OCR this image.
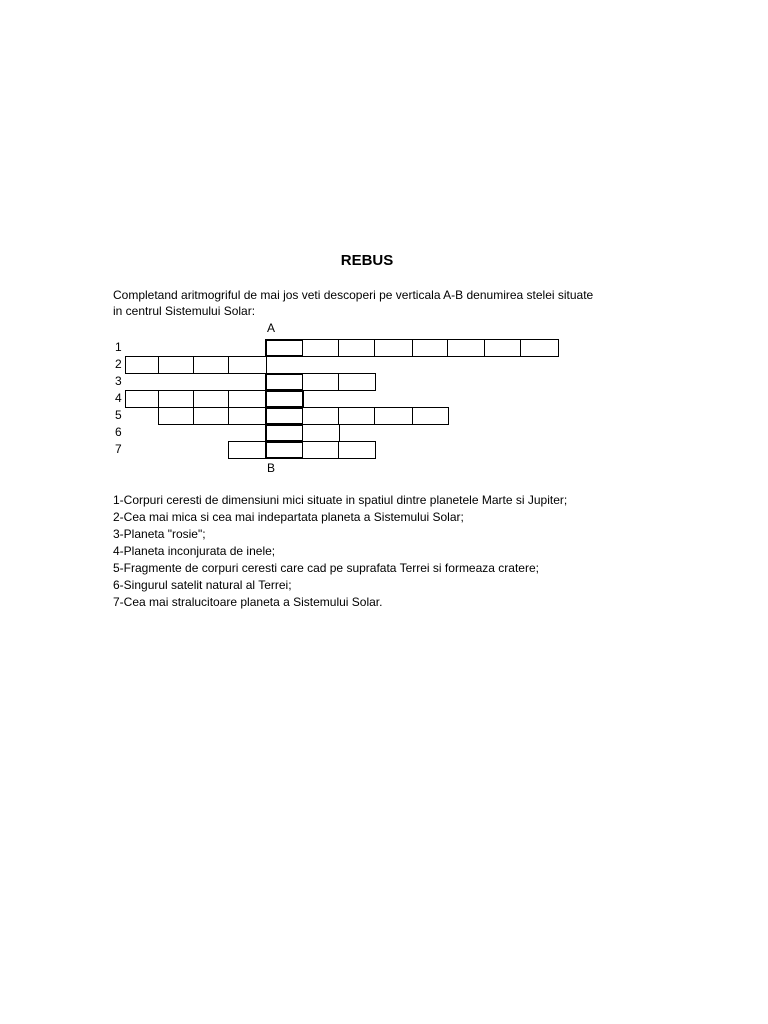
REBUS
Completand aritmogriful de mai jos veti descoperi pe verticala A-B denumirea stelei situate
in centrul Sistemului Solar:
A
B
1
2
3
4
5
6
7
1-Corpuri ceresti de dimensiuni mici situate in spatiul dintre planetele Marte si Jupiter;
2-Cea mai mica si cea mai indepartata planeta a Sistemului Solar;
3-Planeta "rosie";
4-Planeta inconjurata de inele;
5-Fragmente de corpuri ceresti care cad pe suprafata Terrei si formeaza cratere;
6-Singurul satelit natural al Terrei;
7-Cea mai stralucitoare planeta a Sistemului Solar.
